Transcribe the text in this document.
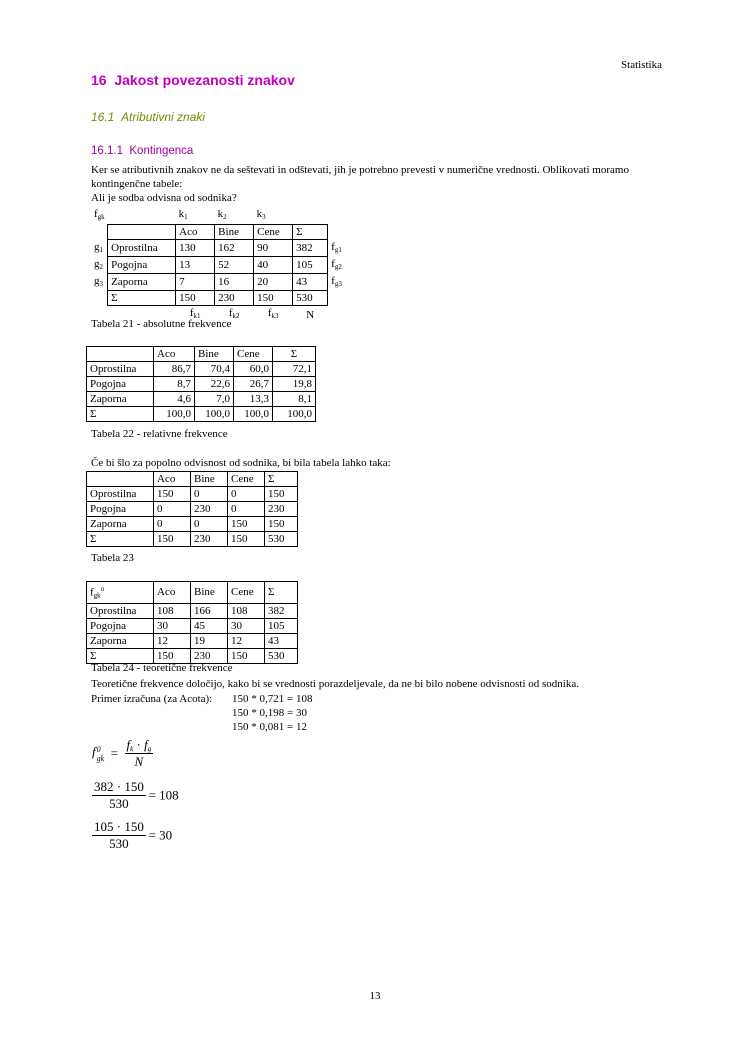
Statistika
16 Jakost povezanosti znakov
16.1 Atributivni znaki
16.1.1 Kontingenca
Ker se atributivnih znakov ne da seštevati in odštevati, jih je potrebno prevesti v numerične vrednosti. Oblikovati moramo kontingenčne tabele:
Ali je sodba odvisna od sodnika?
$f_{gk}$		$k_1$	$k_2$	$k_3$		
		Aco	Bine	Cene	Σ	
$g_1$	Oprostilna	130	162	90	382	$f_{g1}$
$g_2$	Pogojna	13	52	40	105	$f_{g2}$
$g_3$	Zaporna	7	16	20	43	$f_{g3}$
	Σ	150	230	150	530	
		$f_{k1}$	$f_{k2}$	$f_{k3}$	N	
Tabela 21 - absolutne frekvence
	Aco	Bine	Cene	Σ
Oprostilna	86,7	70,4	60,0	72,1
Pogojna	8,7	22,6	26,7	19,8
Zaporna	4,6	7,0	13,3	8,1
Σ	100,0	100,0	100,0	100,0
Tabela 22 - relativne frekvence
Če bi šlo za popolno odvisnost od sodnika, bi bila tabela lahko taka:
	Aco	Bine	Cene	Σ
Oprostilna	150	0	0	150
Pogojna	0	230	0	230
Zaporna	0	0	150	150
Σ	150	230	150	530
Tabela 23
$f_{gk}^o$	Aco	Bine	Cene	Σ
Oprostilna	108	166	108	382
Pogojna	30	45	30	105
Zaporna	12	19	12	43
Σ	150	230	150	530
Tabela 24 - teoretične frekvence
Teoretične frekvence določijo, kako bi se vrednosti porazdeljevale, da ne bi bilo nobene odvisnosti od sodnika.
Primer izračuna (za Acota): 150 * 0,721 = 108
150 * 0,198 = 30
150 * 0,081 = 12
f 0
gk = $\frac{f_k \cdot f_g}{N}$
$\frac{382 \cdot 150}{530} = 108$
$\frac{105 \cdot 150}{530} = 30$
13
